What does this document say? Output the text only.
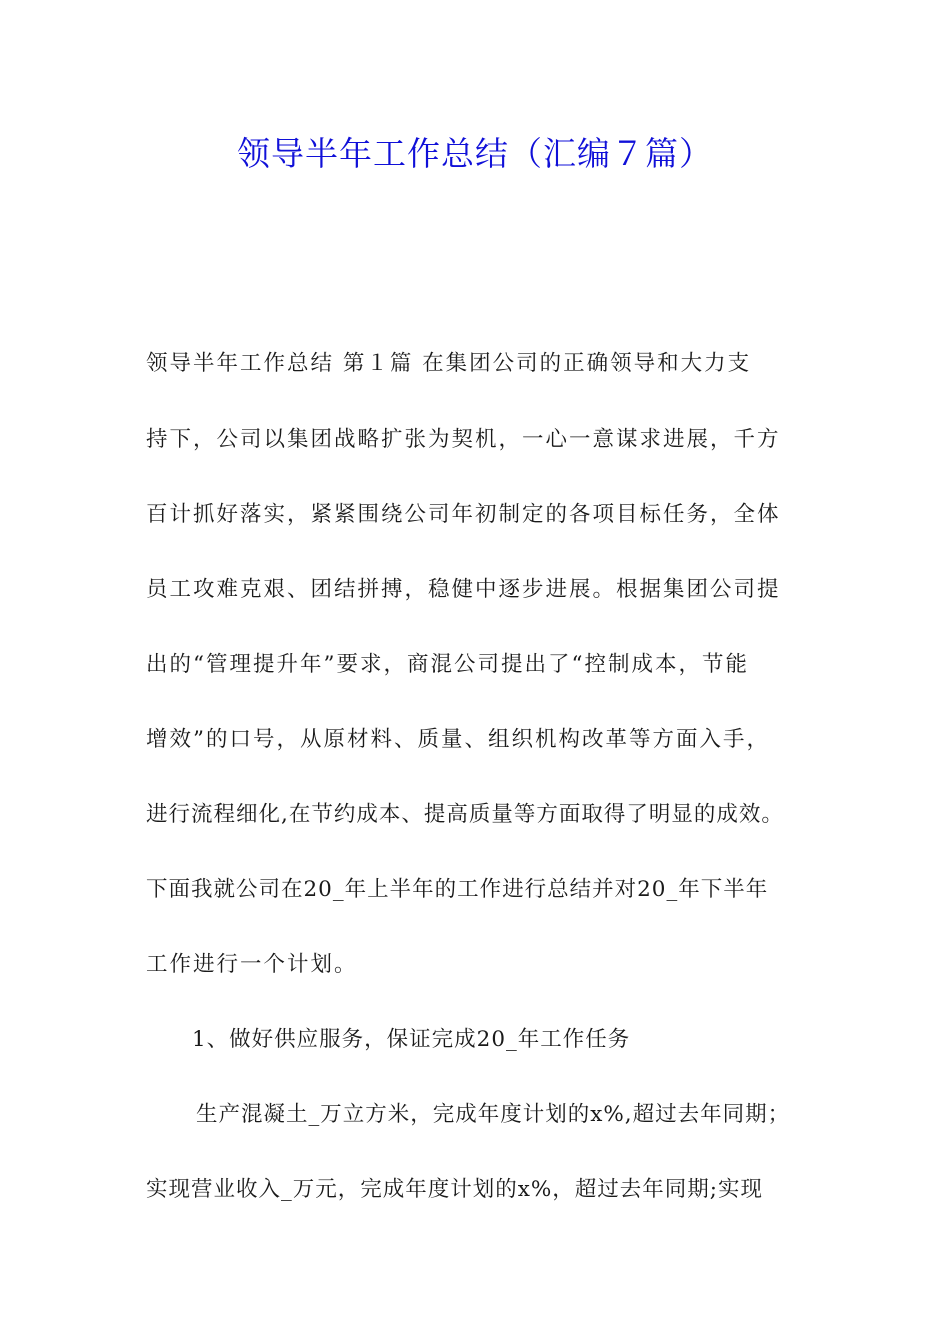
领导半年工作总结（汇编７篇）

领导半年工作总结 第１篇 在集团公司的正确领导和大力支

持下，公司以集团战略扩张为契机，一心一意谋求进展，千方

百计抓好落实，紧紧围绕公司年初制定的各项目标任务，全体

员工攻难克艰、团结拼搏，稳健中逐步进展。根据集团公司提

出的“管理提升年”要求，商混公司提出了“控制成本，节能

增效”的口号，从原材料、质量、组织机构改革等方面入手，

进行流程细化,在节约成本、提高质量等方面取得了明显的成效。

下面我就公司在20_年上半年的工作进行总结并对20_年下半年

工作进行一个计划。

1、做好供应服务，保证完成20_年工作任务

生产混凝土_万立方米，完成年度计划的x%,超过去年同期；

实现营业收入_万元，完成年度计划的x%，超过去年同期;实现
